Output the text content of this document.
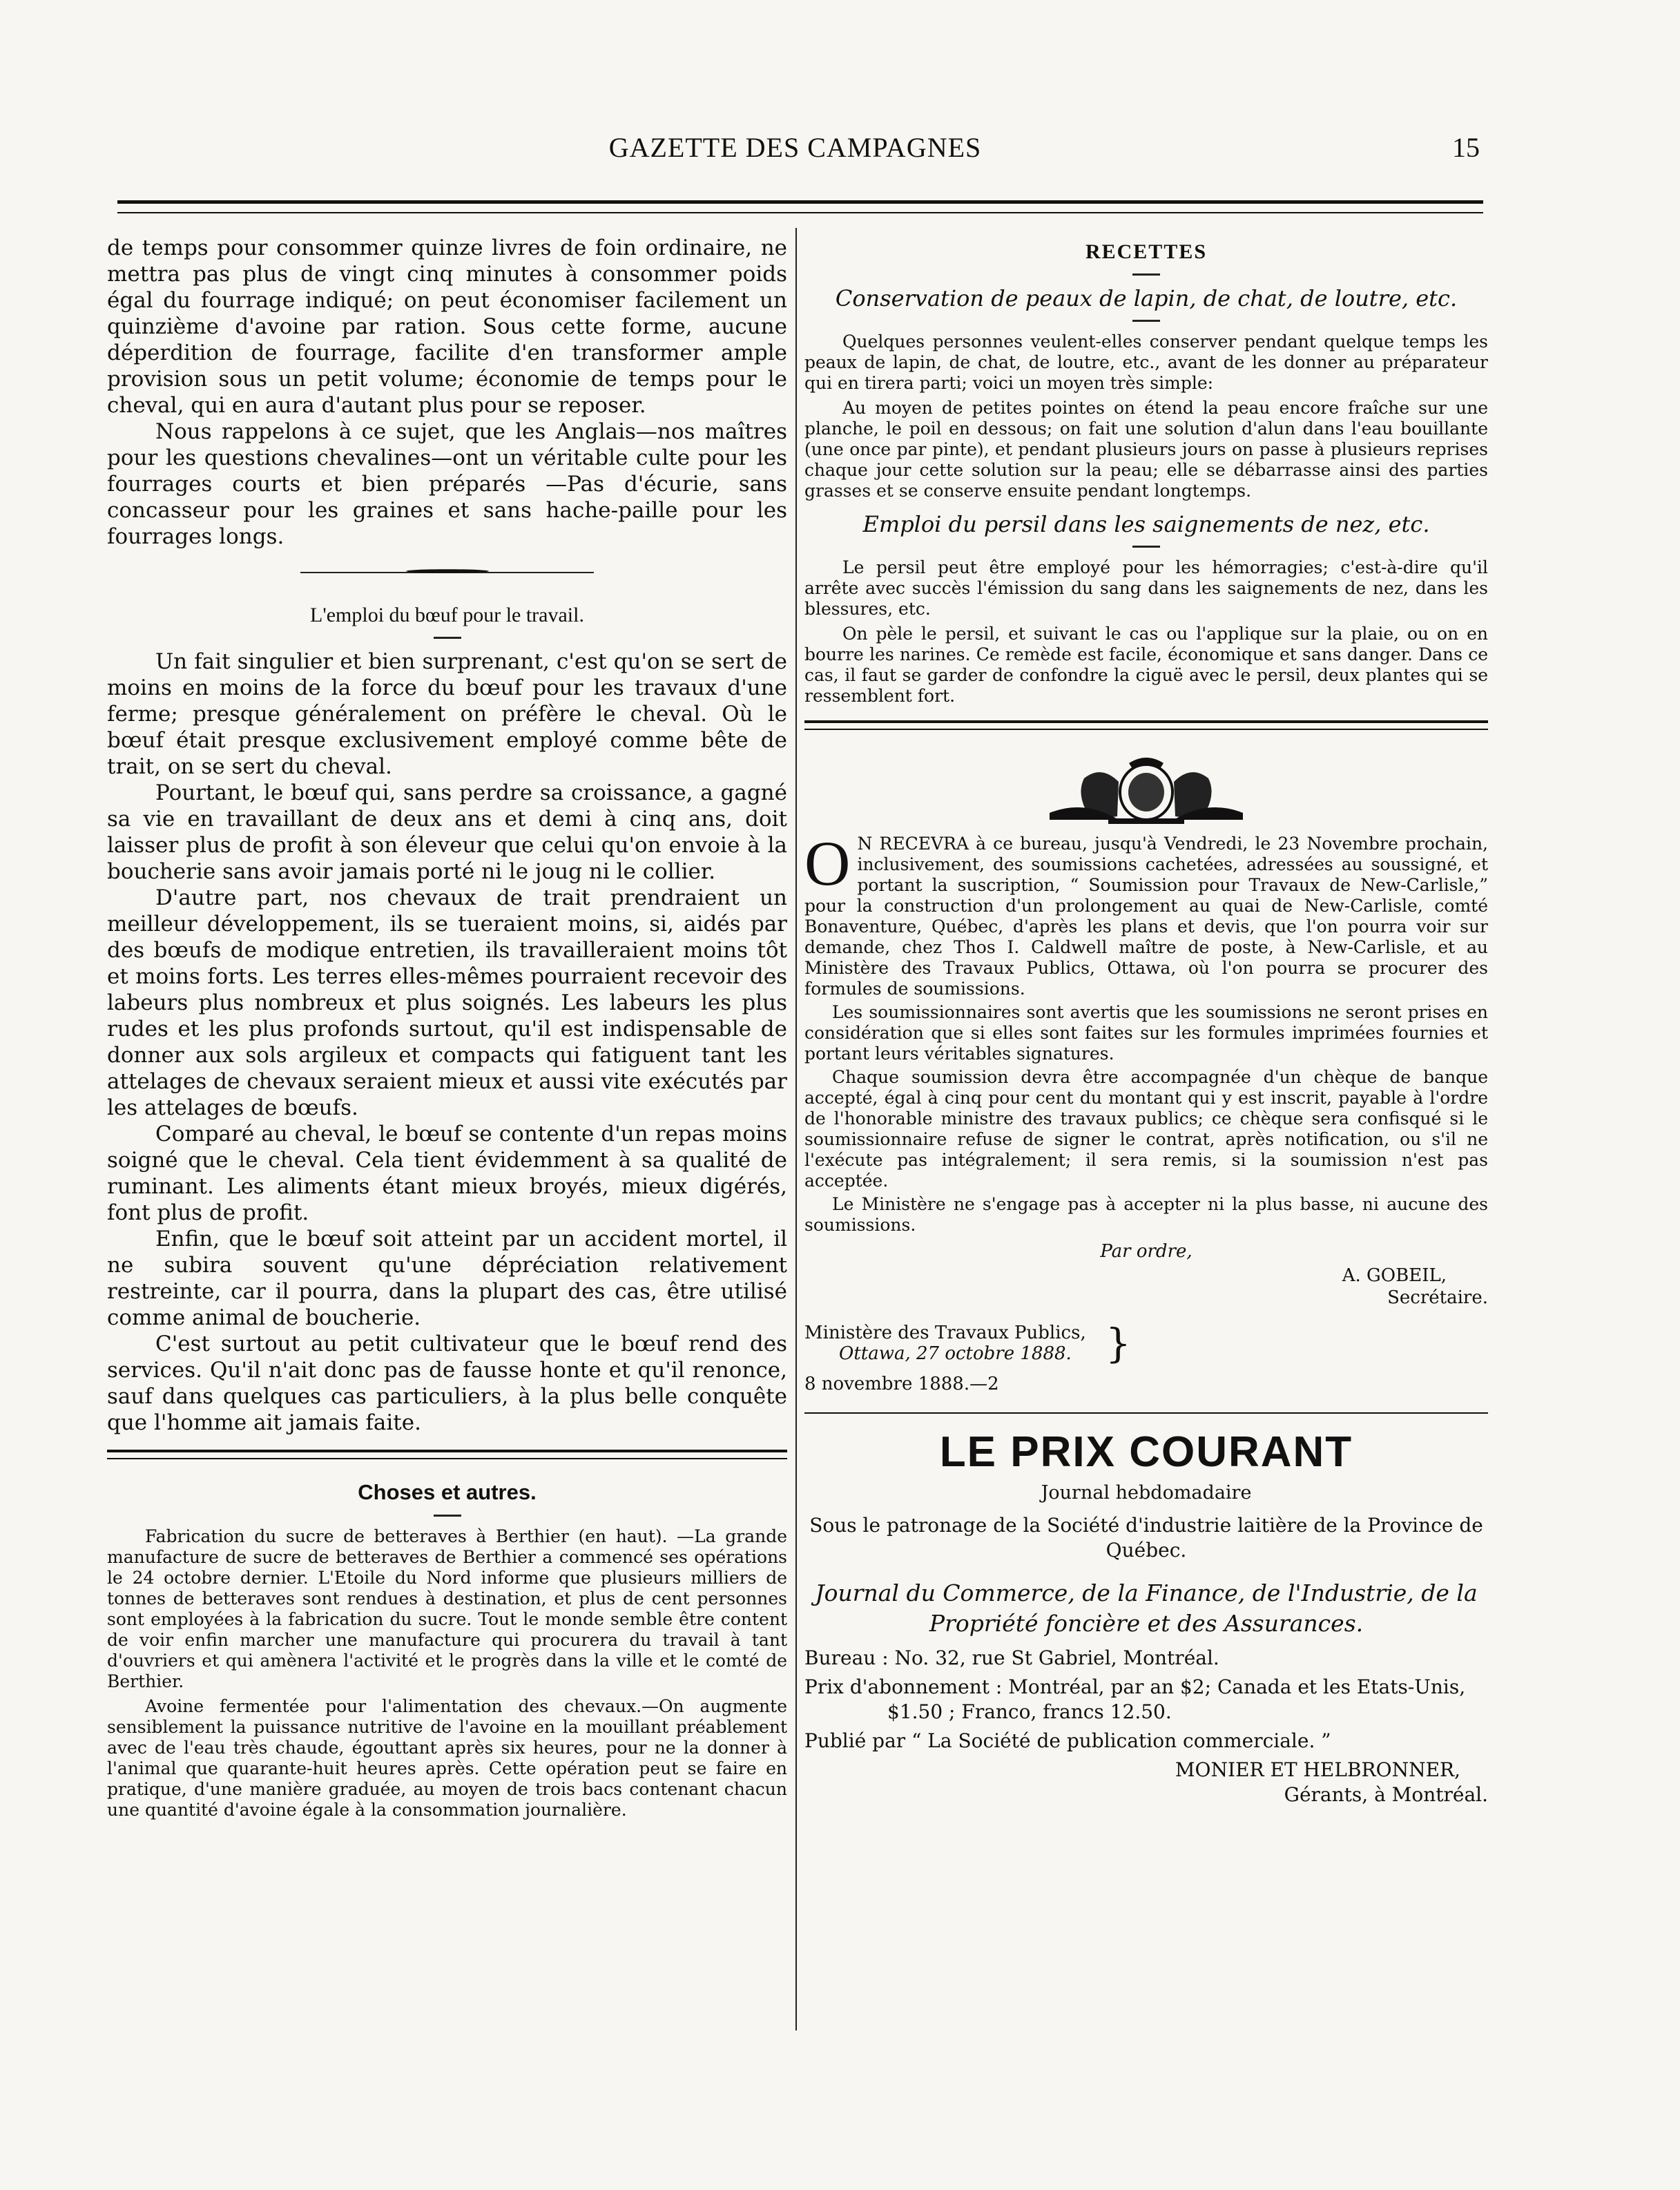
GAZETTE DES CAMPAGNES	15

de temps pour consommer quinze livres de foin ordinaire, ne mettra pas plus de vingt cinq minutes à consommer poids égal du fourrage indiqué; on peut économiser facilement un quinzième d'avoine par ration. Sous cette forme, aucune déperdition de fourrage, facilite d'en transformer ample provision sous un petit volume; économie de temps pour le cheval, qui en aura d'autant plus pour se reposer.

Nous rappelons à ce sujet, que les Anglais—nos maîtres pour les questions chevalines—ont un véritable culte pour les fourrages courts et bien préparés —Pas d'écurie, sans concasseur pour les graines et sans hache-paille pour les fourrages longs.

L'emploi du bœuf pour le travail.

Un fait singulier et bien surprenant, c'est qu'on se sert de moins en moins de la force du bœuf pour les travaux d'une ferme; presque généralement on préfère le cheval. Où le bœuf était presque exclusivement employé comme bête de trait, on se sert du cheval.

Pourtant, le bœuf qui, sans perdre sa croissance, a gagné sa vie en travaillant de deux ans et demi à cinq ans, doit laisser plus de profit à son éleveur que celui qu'on envoie à la boucherie sans avoir jamais porté ni le joug ni le collier.

D'autre part, nos chevaux de trait prendraient un meilleur développement, ils se tueraient moins, si, aidés par des bœufs de modique entretien, ils travailleraient moins tôt et moins forts. Les terres elles-mêmes pourraient recevoir des labeurs plus nombreux et plus soignés. Les labeurs les plus rudes et les plus profonds surtout, qu'il est indispensable de donner aux sols argileux et compacts qui fatiguent tant les attelages de chevaux seraient mieux et aussi vite exécutés par les attelages de bœufs.

Comparé au cheval, le bœuf se contente d'un repas moins soigné que le cheval. Cela tient évidemment à sa qualité de ruminant. Les aliments étant mieux broyés, mieux digérés, font plus de profit.

Enfin, que le bœuf soit atteint par un accident mortel, il ne subira souvent qu'une dépréciation relativement restreinte, car il pourra, dans la plupart des cas, être utilisé comme animal de boucherie.

C'est surtout au petit cultivateur que le bœuf rend des services. Qu'il n'ait donc pas de fausse honte et qu'il renonce, sauf dans quelques cas particuliers, à la plus belle conquête que l'homme ait jamais faite.

Choses et autres.

Fabrication du sucre de betteraves à Berthier (en haut). —La grande manufacture de sucre de betteraves de Berthier a commencé ses opérations le 24 octobre dernier. L'Etoile du Nord informe que plusieurs milliers de tonnes de betteraves sont rendues à destination, et plus de cent personnes sont employées à la fabrication du sucre. Tout le monde semble être content de voir enfin marcher une manufacture qui procurera du travail à tant d'ouvriers et qui amènera l'activité et le progrès dans la ville et le comté de Berthier.

Avoine fermentée pour l'alimentation des chevaux.—On augmente sensiblement la puissance nutritive de l'avoine en la mouillant préablement avec de l'eau très chaude, égouttant après six heures, pour ne la donner à l'animal que quarante-huit heures après. Cette opération peut se faire en pratique, d'une manière graduée, au moyen de trois bacs contenant chacun une quantité d'avoine égale à la consommation journalière.

RECETTES
Conservation de peaux de lapin, de chat, de loutre, etc.

Quelques personnes veulent-elles conserver pendant quelque temps les peaux de lapin, de chat, de loutre, etc., avant de les donner au préparateur qui en tirera parti; voici un moyen très simple:

Au moyen de petites pointes on étend la peau encore fraîche sur une planche, le poil en dessous; on fait une solution d'alun dans l'eau bouillante (une once par pinte), et pendant plusieurs jours on passe à plusieurs reprises chaque jour cette solution sur la peau; elle se débarrasse ainsi des parties grasses et se conserve ensuite pendant longtemps.

Emploi du persil dans les saignements de nez, etc.

Le persil peut être employé pour les hémorragies; c'est-à-dire qu'il arrête avec succès l'émission du sang dans les saignements de nez, dans les blessures, etc.

On pèle le persil, et suivant le cas ou l'applique sur la plaie, ou on en bourre les narines. Ce remède est facile, économique et sans danger. Dans ce cas, il faut se garder de confondre la ciguë avec le persil, deux plantes qui se ressemblent fort.

O N RECEVRA à ce bureau, jusqu'à Vendredi, le 23 Novembre prochain, inclusivement, des soumissions cachetées, adressées au soussigné, et portant la suscription, “ Soumission pour Travaux de New-Carlisle,” pour la construction d'un prolongement au quai de New-Carlisle, comté Bonaventure, Québec, d'après les plans et devis, que l'on pourra voir sur demande, chez Thos I. Caldwell maître de poste, à New-Carlisle, et au Ministère des Travaux Publics, Ottawa, où l'on pourra se procurer des formules de soumissions.

Les soumissionnaires sont avertis que les soumissions ne seront prises en considération que si elles sont faites sur les formules imprimées fournies et portant leurs véritables signatures.

Chaque soumission devra être accompagnée d'un chèque de banque accepté, égal à cinq pour cent du montant qui y est inscrit, payable à l'ordre de l'honorable ministre des travaux publics; ce chèque sera confisqué si le soumissionnaire refuse de signer le contrat, après notification, ou s'il ne l'exécute pas intégralement; il sera remis, si la soumission n'est pas acceptée.

Le Ministère ne s'engage pas à accepter ni la plus basse, ni aucune des soumissions.

Par ordre,
A. GOBEIL,
Secrétaire.
Ministère des Travaux Publics,
Ottawa, 27 octobre 1888. }
8 novembre 1888.—2
LE PRIX COURANT
Journal hebdomadaire
Sous le patronage de la Société d'industrie laitière de la Province de Québec.
Journal du Commerce, de la Finance, de l'Industrie, de la Propriété foncière et des Assurances.

Bureau : No. 32, rue St Gabriel, Montréal.

Prix d'abonnement : Montréal, par an $2; Canada et les Etats-Unis, $1.50 ; Franco, francs 12.50.

Publié par “ La Société de publication commerciale. ”

MONIER ET HELBRONNER,
Gérants, à Montréal.
